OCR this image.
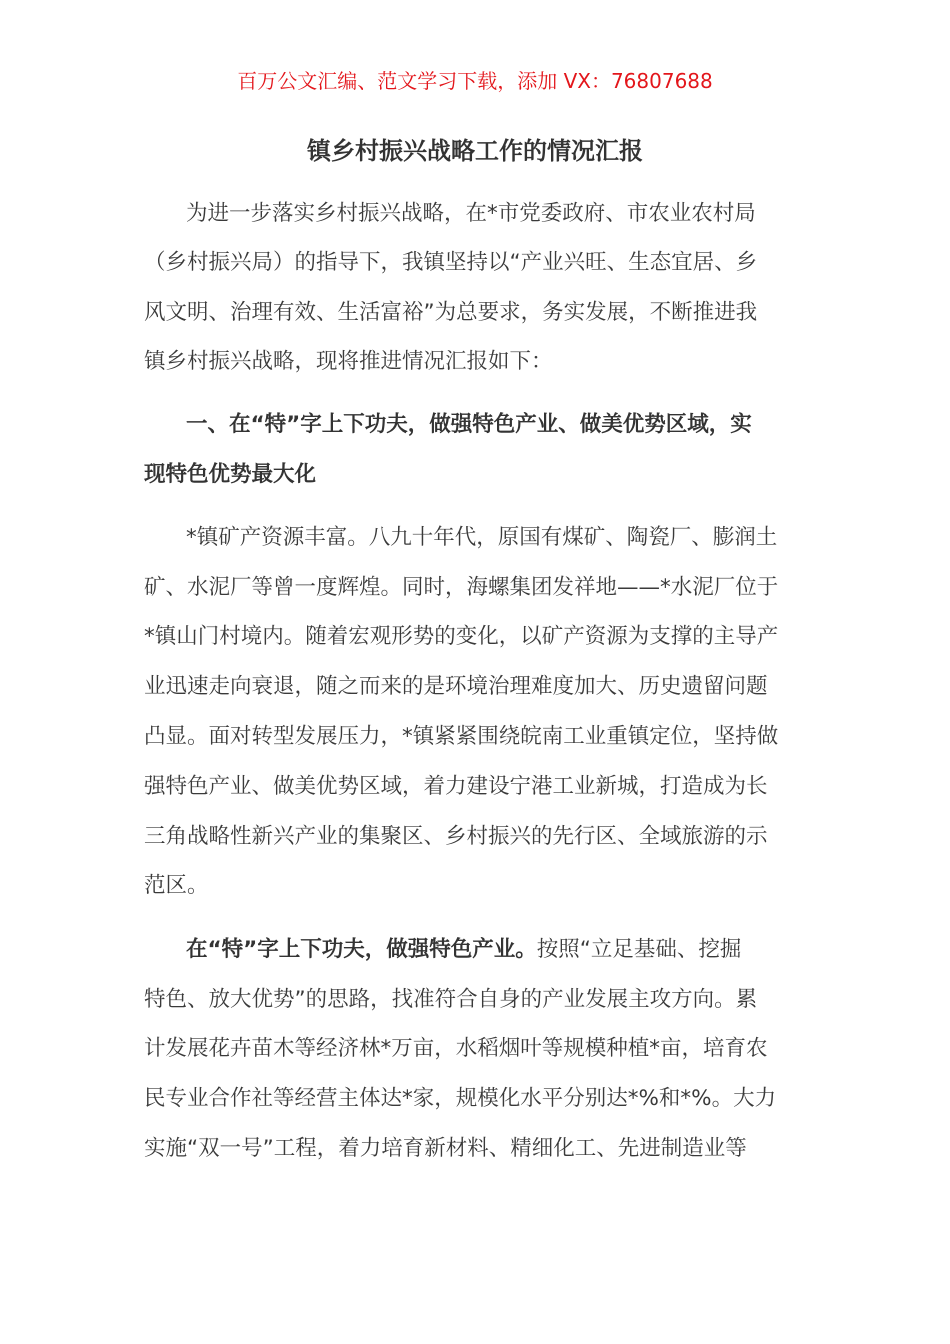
百万公文汇编、范文学习下载，添加 VX：76807688
镇乡村振兴战略工作的情况汇报
为进一步落实乡村振兴战略，在*市党委政府、市农业农村局
（乡村振兴局）的指导下，我镇坚持以“产业兴旺、生态宜居、乡
风文明、治理有效、生活富裕”为总要求，务实发展，不断推进我
镇乡村振兴战略，现将推进情况汇报如下：
一、在“特”字上下功夫，做强特色产业、做美优势区域，实
现特色优势最大化
*镇矿产资源丰富。八九十年代，原国有煤矿、陶瓷厂、膨润土
矿、水泥厂等曾一度辉煌。同时，海螺集团发祥地——*水泥厂位于
*镇山门村境内。随着宏观形势的变化，以矿产资源为支撑的主导产
业迅速走向衰退，随之而来的是环境治理难度加大、历史遗留问题
凸显。面对转型发展压力，*镇紧紧围绕皖南工业重镇定位，坚持做
强特色产业、做美优势区域，着力建设宁港工业新城，打造成为长
三角战略性新兴产业的集聚区、乡村振兴的先行区、全域旅游的示
范区。
在“特”字上下功夫，做强特色产业。按照“立足基础、挖掘
特色、放大优势”的思路，找准符合自身的产业发展主攻方向。累
计发展花卉苗木等经济林*万亩，水稻烟叶等规模种植*亩，培育农
民专业合作社等经营主体达*家，规模化水平分别达*%和*%。大力
实施“双一号”工程，着力培育新材料、精细化工、先进制造业等
